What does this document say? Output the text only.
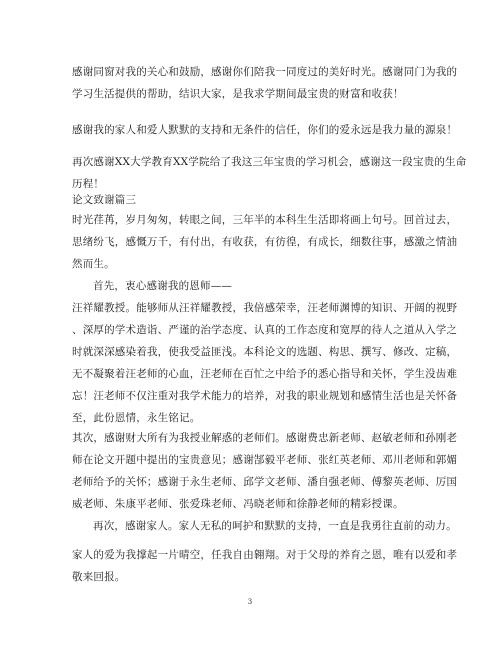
感谢同窗对我的关心和鼓励，感谢你们陪我一同度过的美好时光。感谢同门为我的
学习生活提供的帮助，结识大家，是我求学期间最宝贵的财富和收获！

感谢我的家人和爱人默默的支持和无条件的信任，你们的爱永远是我力量的源泉！

再次感谢XX大学教育XX学院给了我这三年宝贵的学习机会，感谢这一段宝贵的生命
历程！

论文致谢篇三

时光荏苒，岁月匆匆，转眼之间，三年半的本科生生活即将画上句号。回首过去，
思绪纷飞，感慨万千，有付出，有收获，有彷徨，有成长，细数往事，感激之情油
然而生。

首先，衷心感谢我的恩师——

汪祥耀教授。能够师从汪祥耀教授，我倍感荣幸，汪老师渊博的知识、开阔的视野
、深厚的学术造诣、严谨的治学态度、认真的工作态度和宽厚的待人之道从入学之
时就深深感染着我，使我受益匪浅。本科论文的选题、构思、撰写、修改、定稿，
无不凝聚着汪老师的心血，汪老师在百忙之中给予的悉心指导和关怀，学生没齿难
忘！汪老师不仅注重对我学术能力的培养，对我的职业规划和感情生活也是关怀备
至，此份恩情，永生铭记。

其次，感谢财大所有为我授业解惑的老师们。感谢费忠新老师、赵敏老师和孙刚老
师在论文开题中提出的宝贵意见；感谢郜毅平老师、张红英老师、邓川老师和郭媚
老师给予的关怀；感谢于永生老师、邱学文老师、潘自强老师、傅黎英老师、厉国
威老师、朱康平老师、张爱珠老师、冯晓老师和徐静老师的精彩授课。

再次，感谢家人。家人无私的呵护和默默的支持，一直是我勇往直前的动力。

家人的爱为我撑起一片晴空，任我自由翱翔。对于父母的养育之恩，唯有以爱和孝
敬来回报。

3
